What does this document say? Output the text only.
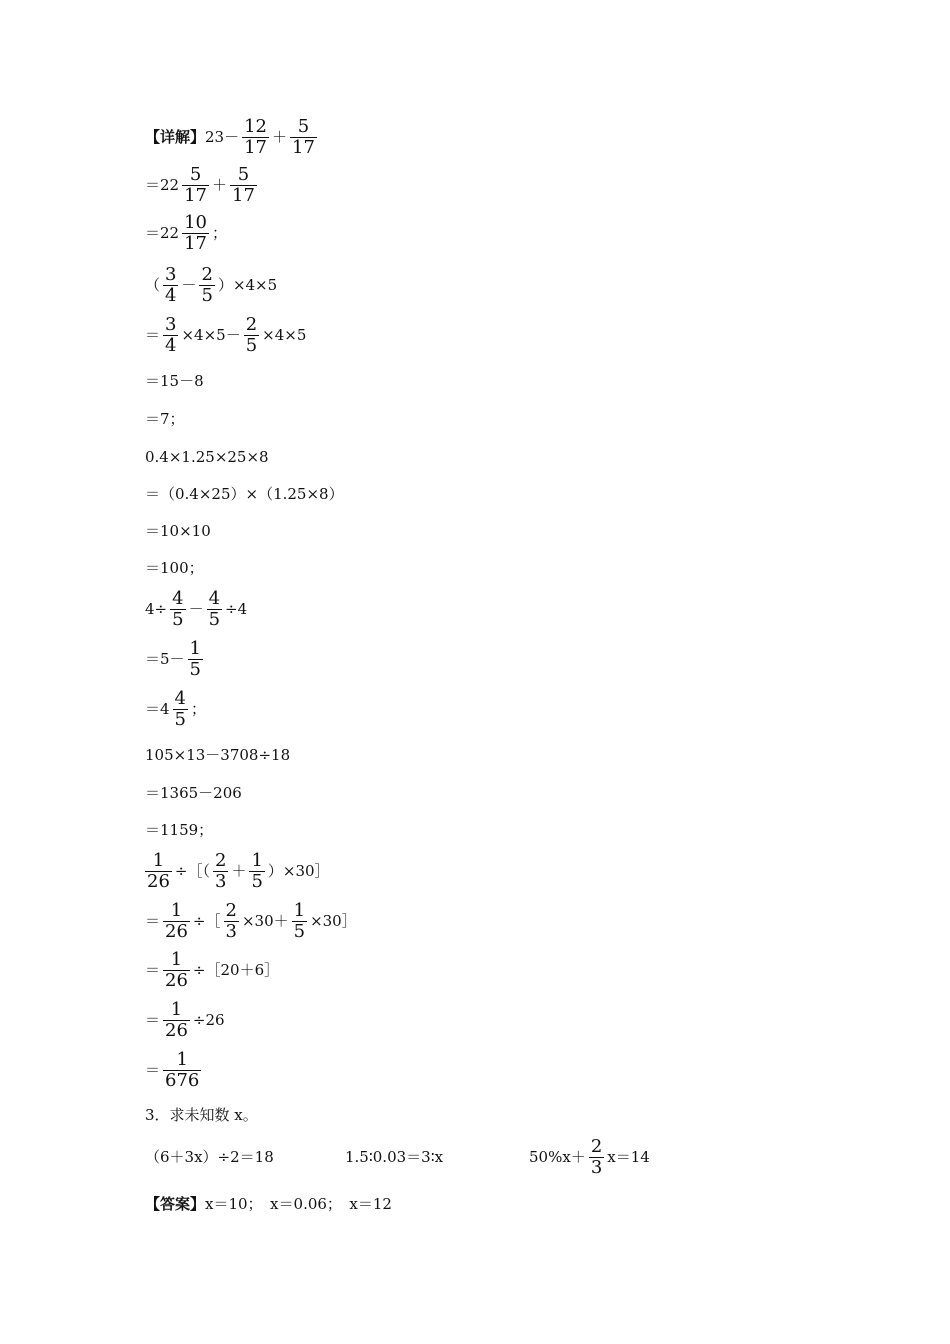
【详解】 $23- \frac{12}{17} + \frac{5}{17}$
$=22 \frac{5}{17} + \frac{5}{17}$
$=22 \frac{10}{17}$ ；
（ $\frac{3}{4} - \frac{2}{5} )\times 4\times 5$
＝ $\frac{3}{4} \times 4\times 5- \frac{2}{5} \times 4\times 5$
＝15－8
＝7；
0.4×1.25×25×8
＝（0.4×25）×（1.25×8）
＝10×10
＝100；
$4\div \frac{4}{5} - \frac{4}{5} \div 4$
$=5- \frac{1}{5}$
$=4 \frac{4}{5}$ ；
105×13－3708÷18
＝1365－206
＝1159；
$\frac{1}{26}$ ÷［（ $\frac{2}{3} + \frac{1}{5}$ ）×30］
＝ $\frac{1}{26}$ ÷［ $\frac{2}{3} \times 30+ \frac{1}{5}$ ×30］
＝ $\frac{1}{26}$ ÷［20＋6］
＝ $\frac{1}{26} \div 26$
＝ $\frac{1}{676}$
3．求未知数 x。
（6＋3x）÷2＝18	1.5∶0.03＝3∶x	$50\%x+ \frac{2}{3} x=14$
【答案】 x＝10；　x＝0.06；　x＝12
